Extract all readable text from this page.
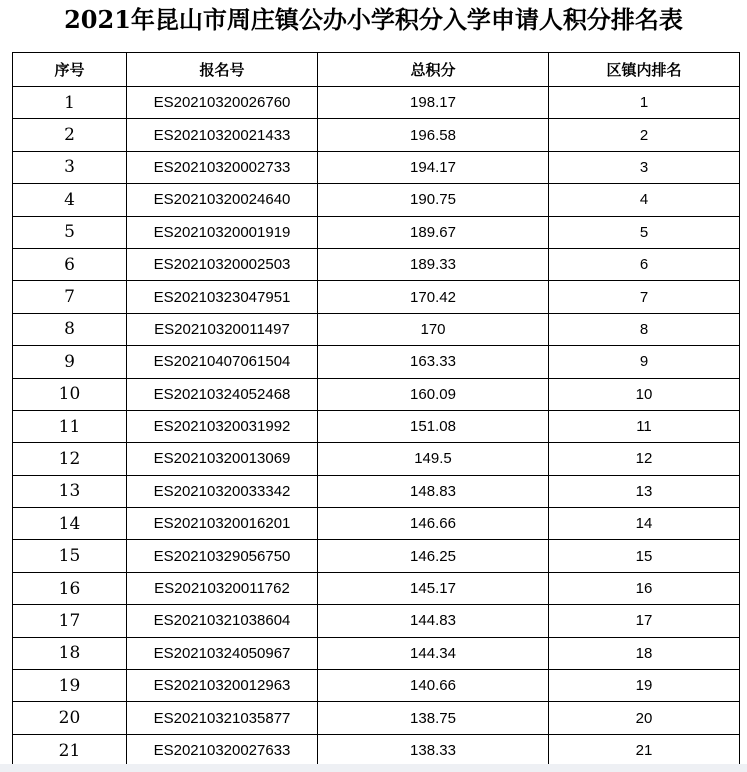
2021年昆山市周庄镇公办小学积分入学申请人积分排名表
序号	报名号	总积分	区镇内排名
1	ES20210320026760	198.17	1
2	ES20210320021433	196.58	2
3	ES20210320002733	194.17	3
4	ES20210320024640	190.75	4
5	ES20210320001919	189.67	5
6	ES20210320002503	189.33	6
7	ES20210323047951	170.42	7
8	ES20210320011497	170	8
9	ES20210407061504	163.33	9
10	ES20210324052468	160.09	10
11	ES20210320031992	151.08	11
12	ES20210320013069	149.5	12
13	ES20210320033342	148.83	13
14	ES20210320016201	146.66	14
15	ES20210329056750	146.25	15
16	ES20210320011762	145.17	16
17	ES20210321038604	144.83	17
18	ES20210324050967	144.34	18
19	ES20210320012963	140.66	19
20	ES20210321035877	138.75	20
21	ES20210320027633	138.33	21
